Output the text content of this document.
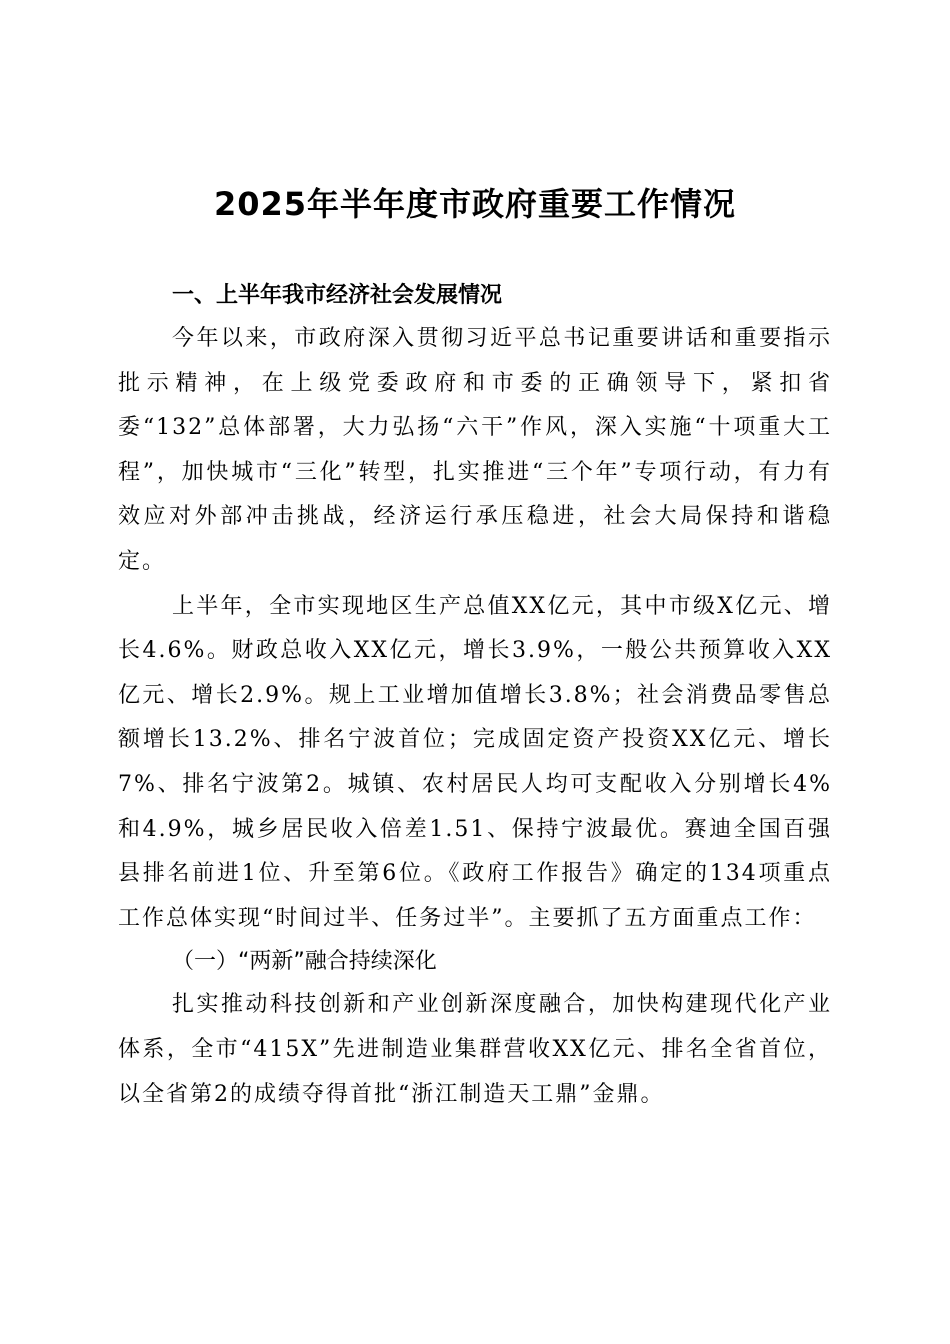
2025年半年度市政府重要工作情况

一、上半年我市经济社会发展情况

今年以来，市政府深入贯彻习近平总书记重要讲话和重要指示批示精神，在上级党委政府和市委的正确领导下，紧扣省委“132”总体部署，大力弘扬“六干”作风，深入实施“十项重大工程”，加快城市“三化”转型，扎实推进“三个年”专项行动，有力有效应对外部冲击挑战，经济运行承压稳进，社会大局保持和谐稳定。

上半年，全市实现地区生产总值XX亿元，其中市级X亿元、增长4.6%。财政总收入XX亿元，增长3.9%，一般公共预算收入XX亿元、增长2.9%。规上工业增加值增长3.8%；社会消费品零售总额增长13.2%、排名宁波首位；完成固定资产投资XX亿元、增长7%、排名宁波第2。城镇、农村居民人均可支配收入分别增长4%和4.9%，城乡居民收入倍差1.51、保持宁波最优。赛迪全国百强县排名前进1位、升至第6位。《政府工作报告》确定的134项重点工作总体实现“时间过半、任务过半”。主要抓了五方面重点工作：

（一）“两新”融合持续深化

扎实推动科技创新和产业创新深度融合，加快构建现代化产业体系，全市“415X”先进制造业集群营收XX亿元、排名全省首位，以全省第2的成绩夺得首批“浙江制造天工鼎”金鼎。
